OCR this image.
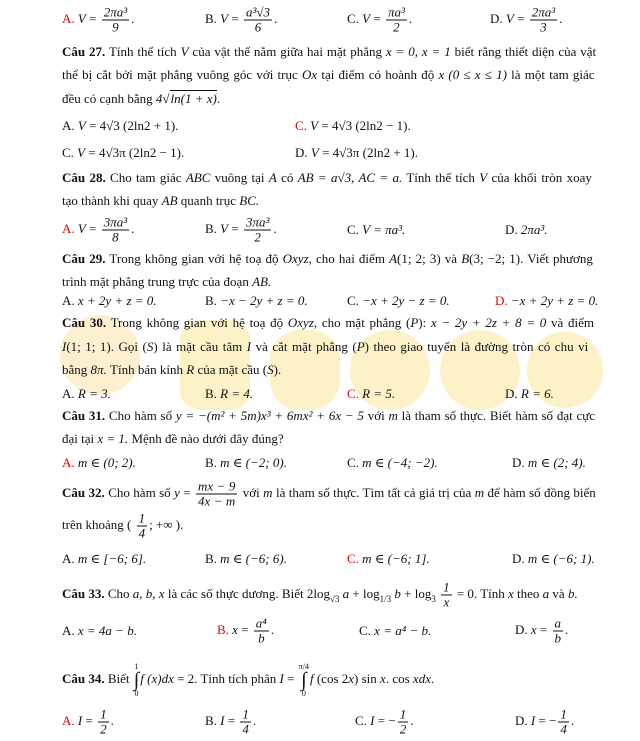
A. $V = \frac{\text{2πa³}}{9}$ .	B. $V = \frac{\text{a³√3}}{6}$ .	C. $V = \frac{\text{πa³}}{2}$ .	D. $V = \frac{\text{2πa³}}{3}$ .
Câu 27. Tính thể tích V của vật thể nằm giữa hai mặt phẳng x = 0, x = 1 biết rằng thiết diện của vật
thể bị cắt bởi mặt phẳng vuông góc với trục Ox tại điểm có hoành độ x (0 ≤ x ≤ 1) là một tam giác
đều có cạnh bằng 4√ln(1 + x).
A. V = 4√3 (2ln2 + 1).	C. V = 4√3 (2ln2 − 1).
C. V = 4√3π (2ln2 − 1).	D. V = 4√3π (2ln2 + 1).
Câu 28. Cho tam giác ABC vuông tại A có AB = a√3, AC = a. Tính thể tích V của khối tròn xoay
tạo thành khi quay AB quanh trục BC.
A. $V = \frac{\text{3πa³}}{8}$ .	B. $V = \frac{\text{3πa³}}{2}$ .	C. V = πa³.	D. 2πa³.
Câu 29. Trong không gian với hệ toạ độ Oxyz, cho hai điểm A(1; 2; 3) và B(3; −2; 1). Viết phương
trình mặt phẳng trung trực của đoạn AB.
A. x + 2y + z = 0.	B. −x − 2y + z = 0.	C. −x + 2y − z = 0.	D. −x + 2y + z = 0.
Câu 30. Trong không gian với hệ toạ độ Oxyz, cho mặt phẳng (P): x − 2y + 2z + 8 = 0 và điểm
I(1; 1; 1). Gọi (S) là mặt cầu tâm I và cắt mặt phẳng (P) theo giao tuyến là đường tròn có chu vi
bằng 8π. Tính bán kính R của mặt cầu (S).
A. R = 3.	B. R = 4.	C. R = 5.	D. R = 6.
Câu 31. Cho hàm số y = −(m² + 5m)x³ + 6mx² + 6x − 5 với m là tham số thực. Biết hàm số đạt cực
đại tại x = 1. Mệnh đề nào dưới đây đúng?
A. m ∈ (0; 2).	B. m ∈ (−2; 0).	C. m ∈ (−4; −2).	D. m ∈ (2; 4).
Câu 32. Cho hàm số $y = \frac{mx - 9}{4x - m}$ với m là tham số thực. Tìm tất cả giá trị của m để hàm số đồng biến
trên khoảng ( $\frac{1}{4}$ ; +∞ ).
A. m ∈ [−6; 6].	B. m ∈ (−6; 6).	C. m ∈ (−6; 1].	D. m ∈ (−6; 1).
Câu 33. Cho a, b, x là các số thực dương. Biết $2\log_{√3}$ $a + \log_{1/3} b + \log_3 \frac{1}{x} = 0$. Tính x theo a và b.
A. x = 4a − b.	B. $x = \frac{\text{a⁴}}{b}$ .	C. x = a⁴ − b.	D. $x = \frac{a}{b}$ .
Câu 34. Biết
1
∫
0
f (x)dx = 2. Tính tích phân I =
π/4
∫
0
f (cos 2x) sin x. cos xdx.
A. $I = \frac{1}{2}$ .	B. $I = \frac{1}{4}$ .	C. I = − $\frac{1}{2}$ .	D. I = − $\frac{1}{4}$ .
